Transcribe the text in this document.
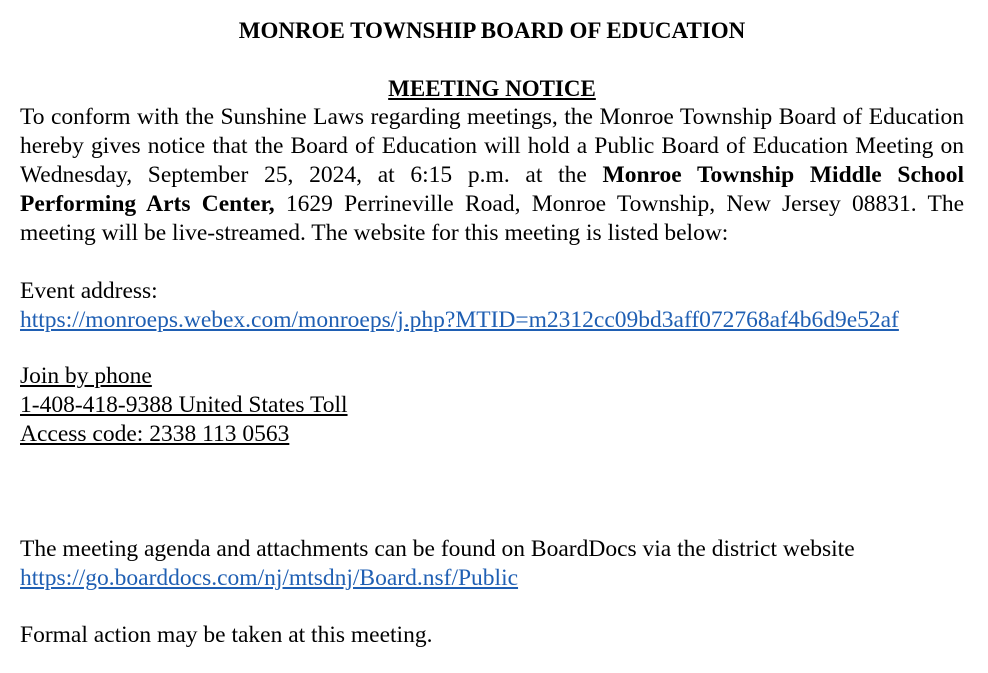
MONROE TOWNSHIP BOARD OF EDUCATION
MEETING NOTICE

To conform with the Sunshine Laws regarding meetings, the Monroe Township Board of Education hereby gives notice that the Board of Education will hold a Public Board of Education Meeting on Wednesday, September 25, 2024, at 6:15 p.m. at the Monroe Township Middle School Performing Arts Center, 1629 Perrineville Road, Monroe Township, New Jersey 08831. The meeting will be live-streamed. The website for this meeting is listed below:

Event address:
https://monroeps.webex.com/monroeps/j.php?MTID=m2312cc09bd3aff072768af4b6d9e52af
Join by phone
1-408-418-9388 United States Toll
Access code: 2338 113 0563
The meeting agenda and attachments can be found on BoardDocs via the district website
https://go.boarddocs.com/nj/mtsdnj/Board.nsf/Public
Formal action may be taken at this meeting.
